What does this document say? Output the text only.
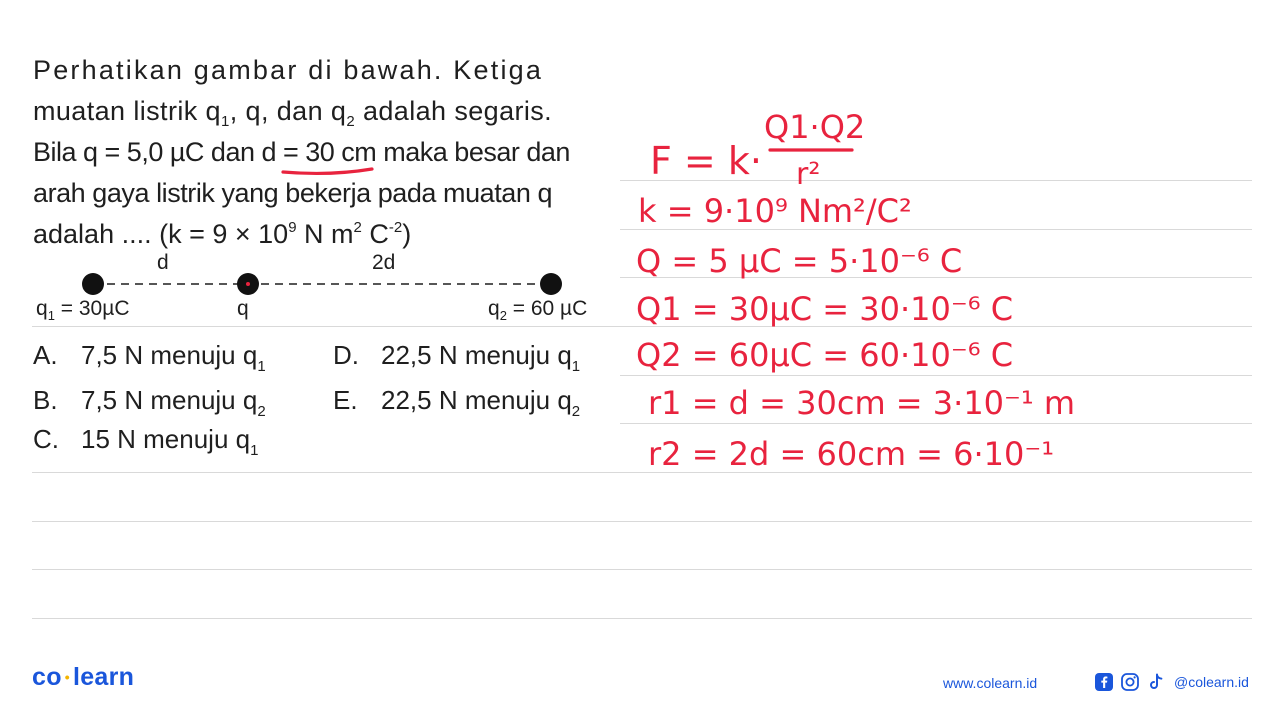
Perhatikan gambar di bawah. Ketiga

muatan listrik $q_1$, q, dan $q_2$ adalah segaris.

Bila q = 5,0 µC dan d = 30 cm maka besar dan

arah gaya listrik yang bekerja pada muatan q

adalah .... ($k = 9 \times 10^9$ N $m^2$ $C^{-2}$)

d	2d
$q_1 = 30\mu C$	q	$q_2 = 60$ µC
A. 7,5 N menuju $q_1$
B. 7,5 N menuju $q_2$
C. 15 N menuju $q_1$
D. 22,5 N menuju $q_1$
E. 22,5 N menuju $q_2$
F = k·
Q1·Q2
r²
k = 9·10⁹ Nm²/C²
Q = 5 µC = 5·10⁻⁶ C
Q1 = 30µC = 30·10⁻⁶ C
Q2 = 60µC = 60·10⁻⁶ C
r1 = d = 30cm = 3·10⁻¹ m
r2 = 2d = 60cm = 6·10⁻¹
co • learn	www.colearn.id	@colearn.id
